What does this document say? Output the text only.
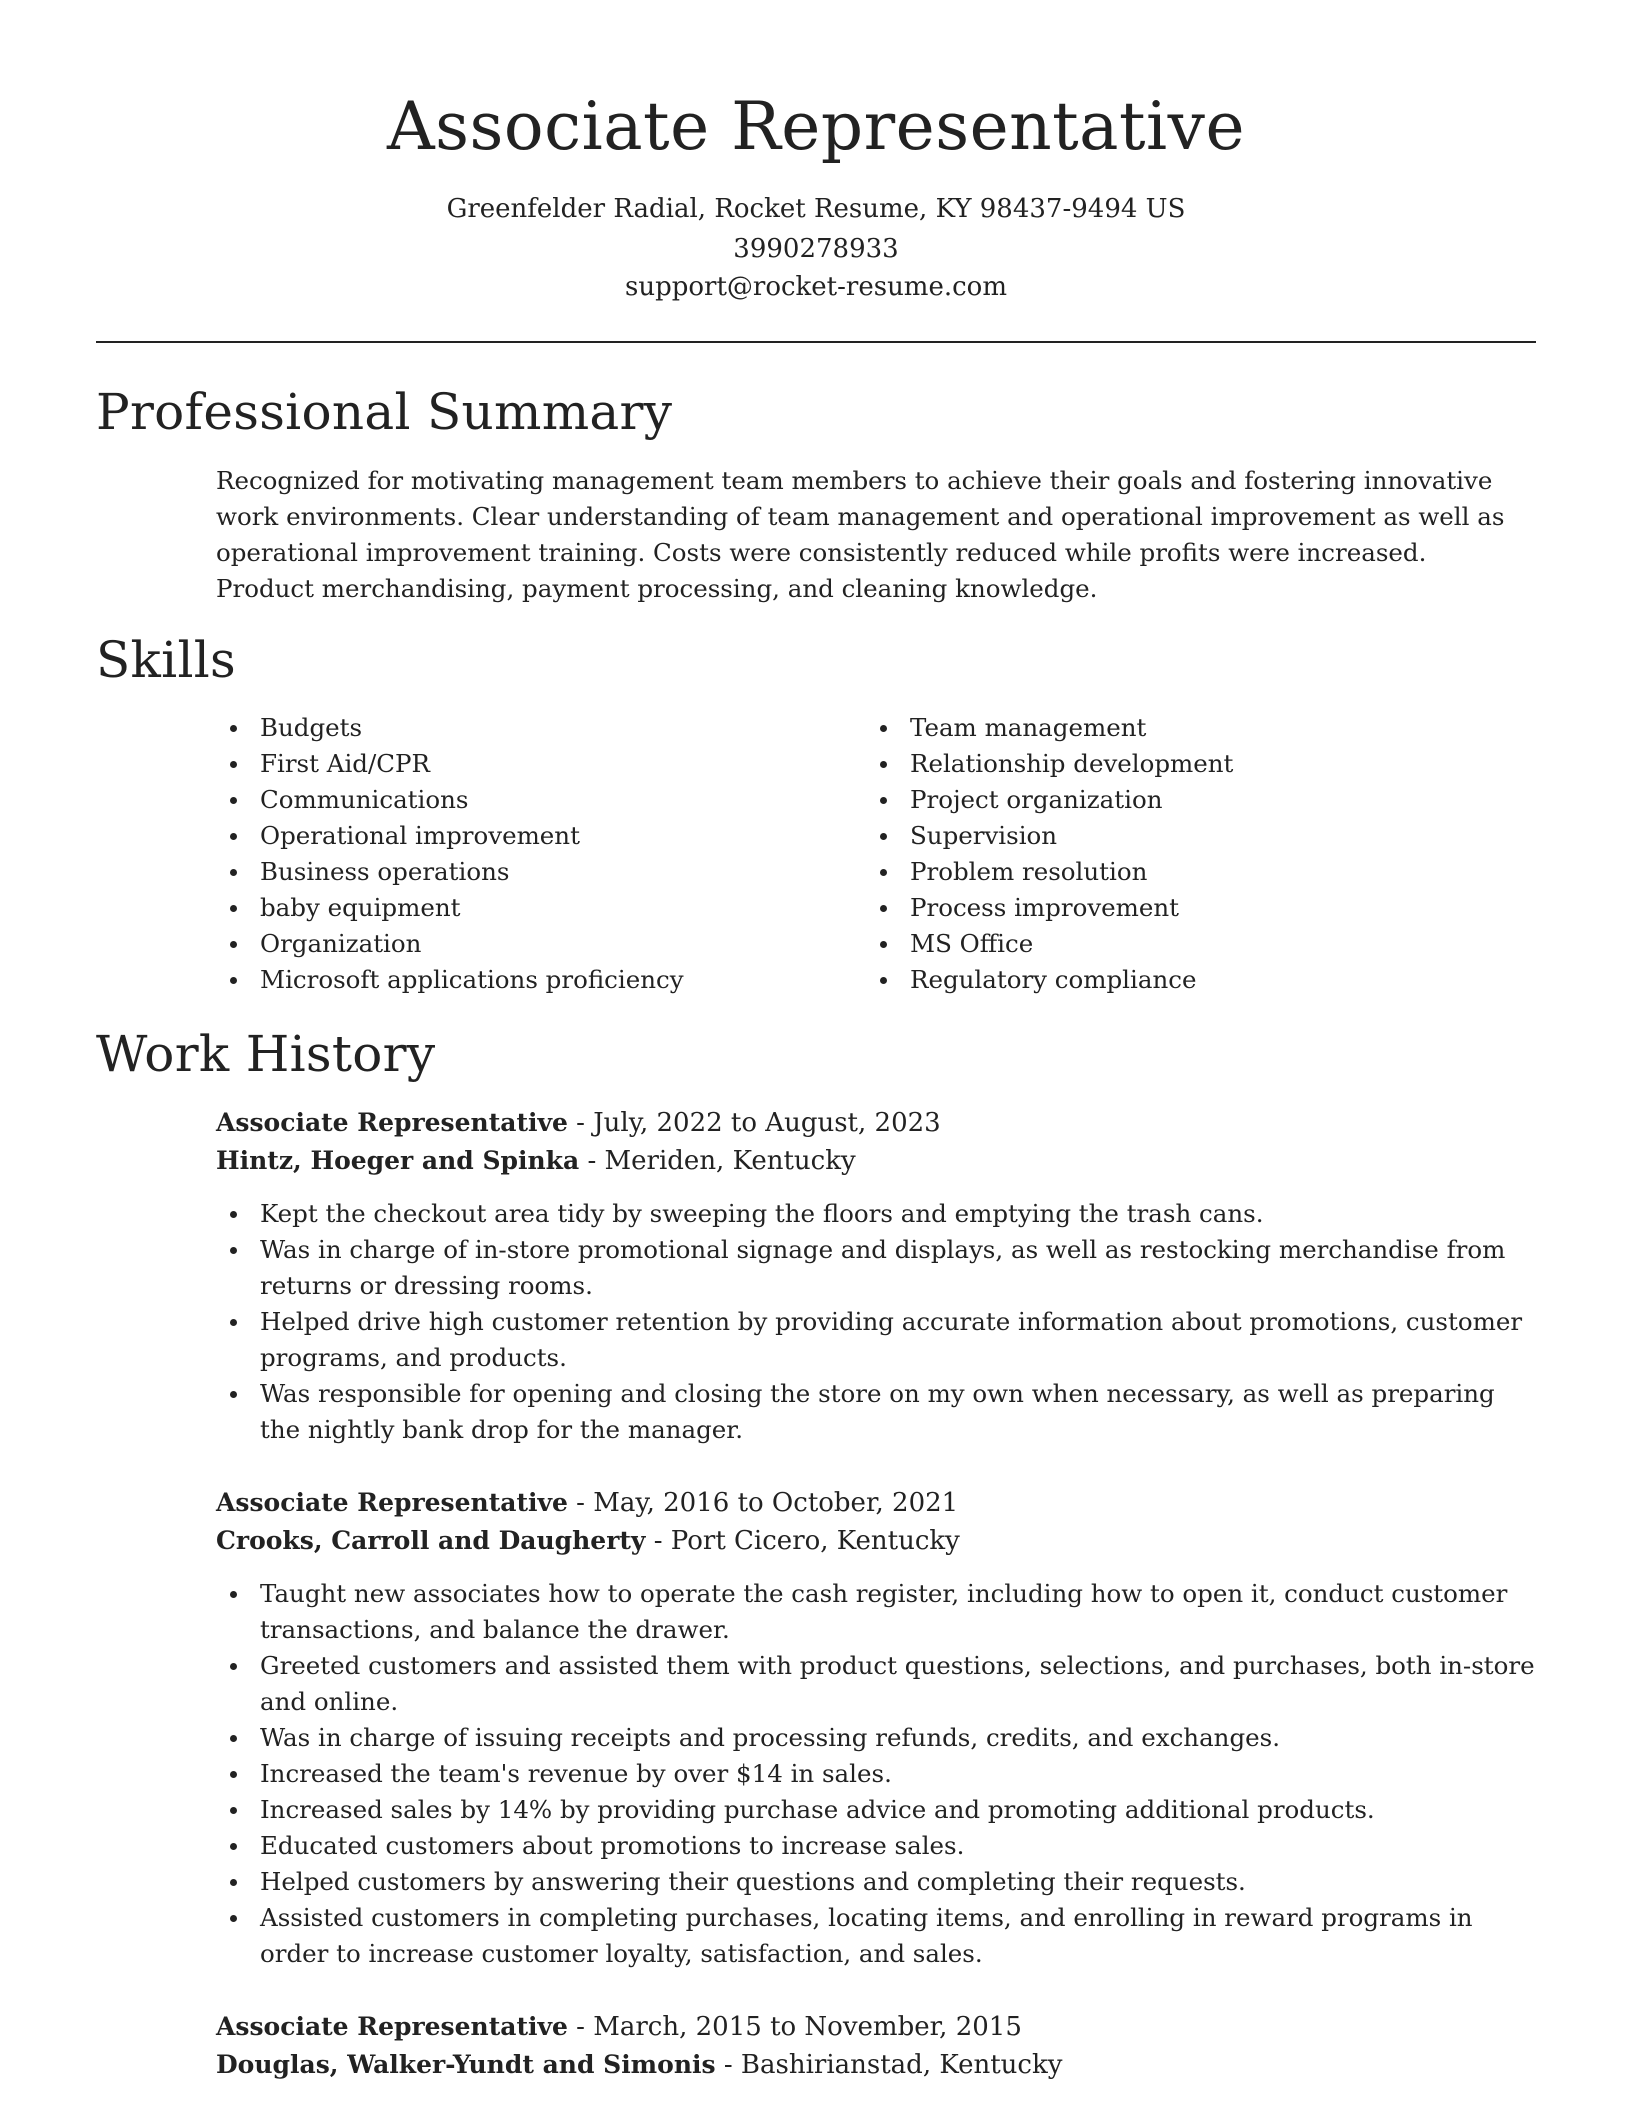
Associate Representative

Greenfelder Radial, Rocket Resume, KY 98437-9494 US

3990278933

support@rocket-resume.com

Professional Summary

Recognized for motivating management team members to achieve their goals and fostering innovative work environments. Clear understanding of team management and operational improvement as well as operational improvement training. Costs were consistently reduced while profits were increased. Product merchandising, payment processing, and cleaning knowledge.

Skills
Budgets
First Aid/CPR
Communications
Operational improvement
Business operations
baby equipment
Organization
Microsoft applications proficiency
Team management
Relationship development
Project organization
Supervision
Problem resolution
Process improvement
MS Office
Regulatory compliance
Work History

Associate Representative - July, 2022 to August, 2023

Hintz, Hoeger and Spinka - Meriden, Kentucky

Kept the checkout area tidy by sweeping the floors and emptying the trash cans.
Was in charge of in-store promotional signage and displays, as well as restocking merchandise from returns or dressing rooms.
Helped drive high customer retention by providing accurate information about promotions, customer programs, and products.
Was responsible for opening and closing the store on my own when necessary, as well as preparing the nightly bank drop for the manager.

Associate Representative - May, 2016 to October, 2021

Crooks, Carroll and Daugherty - Port Cicero, Kentucky

Taught new associates how to operate the cash register, including how to open it, conduct customer transactions, and balance the drawer.
Greeted customers and assisted them with product questions, selections, and purchases, both in-store and online.
Was in charge of issuing receipts and processing refunds, credits, and exchanges.
Increased the team's revenue by over $14 in sales.
Increased sales by 14% by providing purchase advice and promoting additional products.
Educated customers about promotions to increase sales.
Helped customers by answering their questions and completing their requests.
Assisted customers in completing purchases, locating items, and enrolling in reward programs in order to increase customer loyalty, satisfaction, and sales.

Associate Representative - March, 2015 to November, 2015

Douglas, Walker-Yundt and Simonis - Bashirianstad, Kentucky
